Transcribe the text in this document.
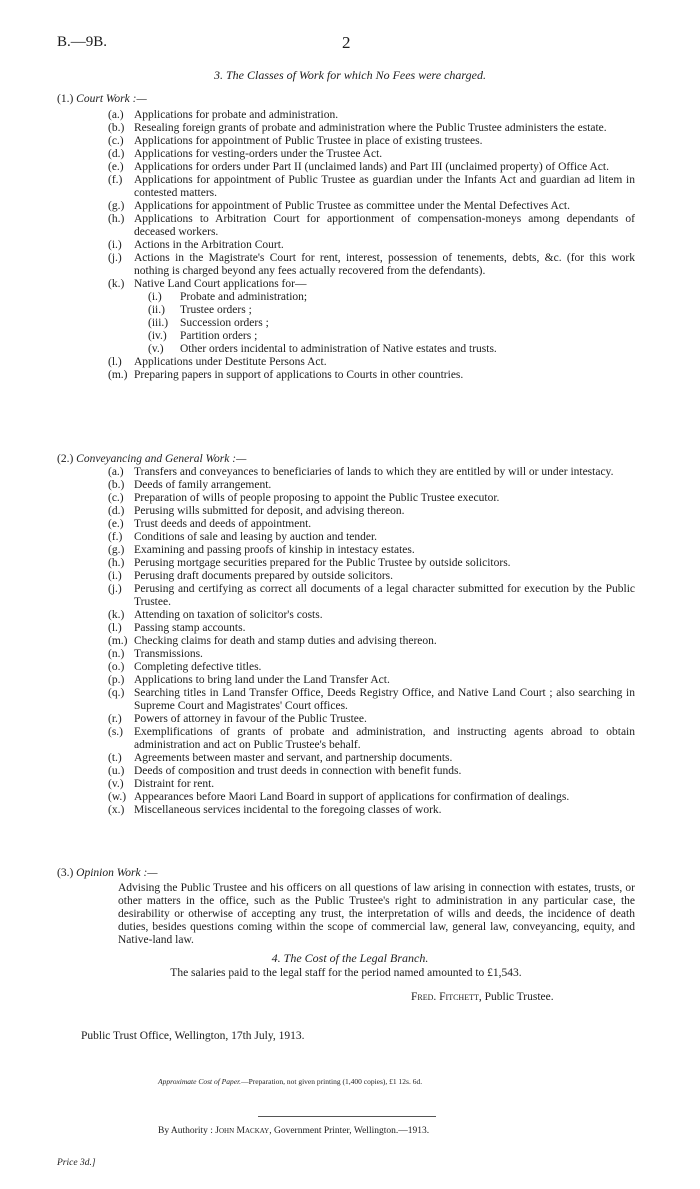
B.—9B.	2
3. The Classes of Work for which No Fees were charged.
(1.) Court Work :—
(a.) Applications for probate and administration.
(b.) Resealing foreign grants of probate and administration where the Public Trustee administers the estate.
(c.) Applications for appointment of Public Trustee in place of existing trustees.
(d.) Applications for vesting-orders under the Trustee Act.
(e.) Applications for orders under Part II (unclaimed lands) and Part III (unclaimed property) of Office Act.
(f.)	Applications for appointment of Public Trustee as guardian under the Infants Act and guardian ad litem in contested matters.
(g.) Applications for appointment of Public Trustee as committee under the Mental Defectives Act.
(h.) Applications to Arbitration Court for apportionment of compensation-moneys among dependants of deceased workers.
(i.)	Actions in the Arbitration Court.
(j.)	Actions in the Magistrate's Court for rent, interest, possession of tenements, debts, &c. (for this work nothing is charged beyond any fees actually recovered from the defendants).
(k.) Native Land Court applications for—
(i.)	Probate and administration;
(ii.)	Trustee orders ;
(iii.)	Succession orders ;
(iv.)	Partition orders ;
(v.)	Other orders incidental to administration of Native estates and trusts.
(l.)	Applications under Destitute Persons Act.
(m.) Preparing papers in support of applications to Courts in other countries.
(2.) Conveyancing and General Work :—
(a.) Transfers and conveyances to beneficiaries of lands to which they are entitled by will or under intestacy.
(b.) Deeds of family arrangement.
(c.) Preparation of wills of people proposing to appoint the Public Trustee executor.
(d.) Perusing wills submitted for deposit, and advising thereon.
(e.) Trust deeds and deeds of appointment.
(f.)	Conditions of sale and leasing by auction and tender.
(g.) Examining and passing proofs of kinship in intestacy estates.
(h.) Perusing mortgage securities prepared for the Public Trustee by outside solicitors.
(i.)	Perusing draft documents prepared by outside solicitors.
(j.)	Perusing and certifying as correct all documents of a legal character submitted for execution by the Public Trustee.
(k.) Attending on taxation of solicitor's costs.
(l.)	Passing stamp accounts.
(m.) Checking claims for death and stamp duties and advising thereon.
(n.) Transmissions.
(o.) Completing defective titles.
(p.) Applications to bring land under the Land Transfer Act.
(q.) Searching titles in Land Transfer Office, Deeds Registry Office, and Native Land Court ; also searching in Supreme Court and Magistrates' Court offices.
(r.)	Powers of attorney in favour of the Public Trustee.
(s.) Exemplifications of grants of probate and administration, and instructing agents abroad to obtain administration and act on Public Trustee's behalf.
(t.)	Agreements between master and servant, and partnership documents.
(u.) Deeds of composition and trust deeds in connection with benefit funds.
(v.) Distraint for rent.
(w.) Appearances before Maori Land Board in support of applications for confirmation of dealings.
(x.) Miscellaneous services incidental to the foregoing classes of work.
(3.) Opinion Work :—
Advising the Public Trustee and his officers on all questions of law arising in connection with estates, trusts, or other matters in the office, such as the Public Trustee's right to administration in any particular case, the desirability or otherwise of accepting any trust, the interpretation of wills and deeds, the incidence of death duties, besides questions coming within the scope of commercial law, general law, conveyancing, equity, and Native-land law.
4. The Cost of the Legal Branch.
The salaries paid to the legal staff for the period named amounted to £1,543.
Fred. Fitchett, Public Trustee.
Public Trust Office, Wellington, 17th July, 1913.
Approximate Cost of Paper.—Preparation, not given printing (1,400 copies), £1 12s. 6d.
By Authority : John Mackay, Government Printer, Wellington.—1913.
Price 3d.]
